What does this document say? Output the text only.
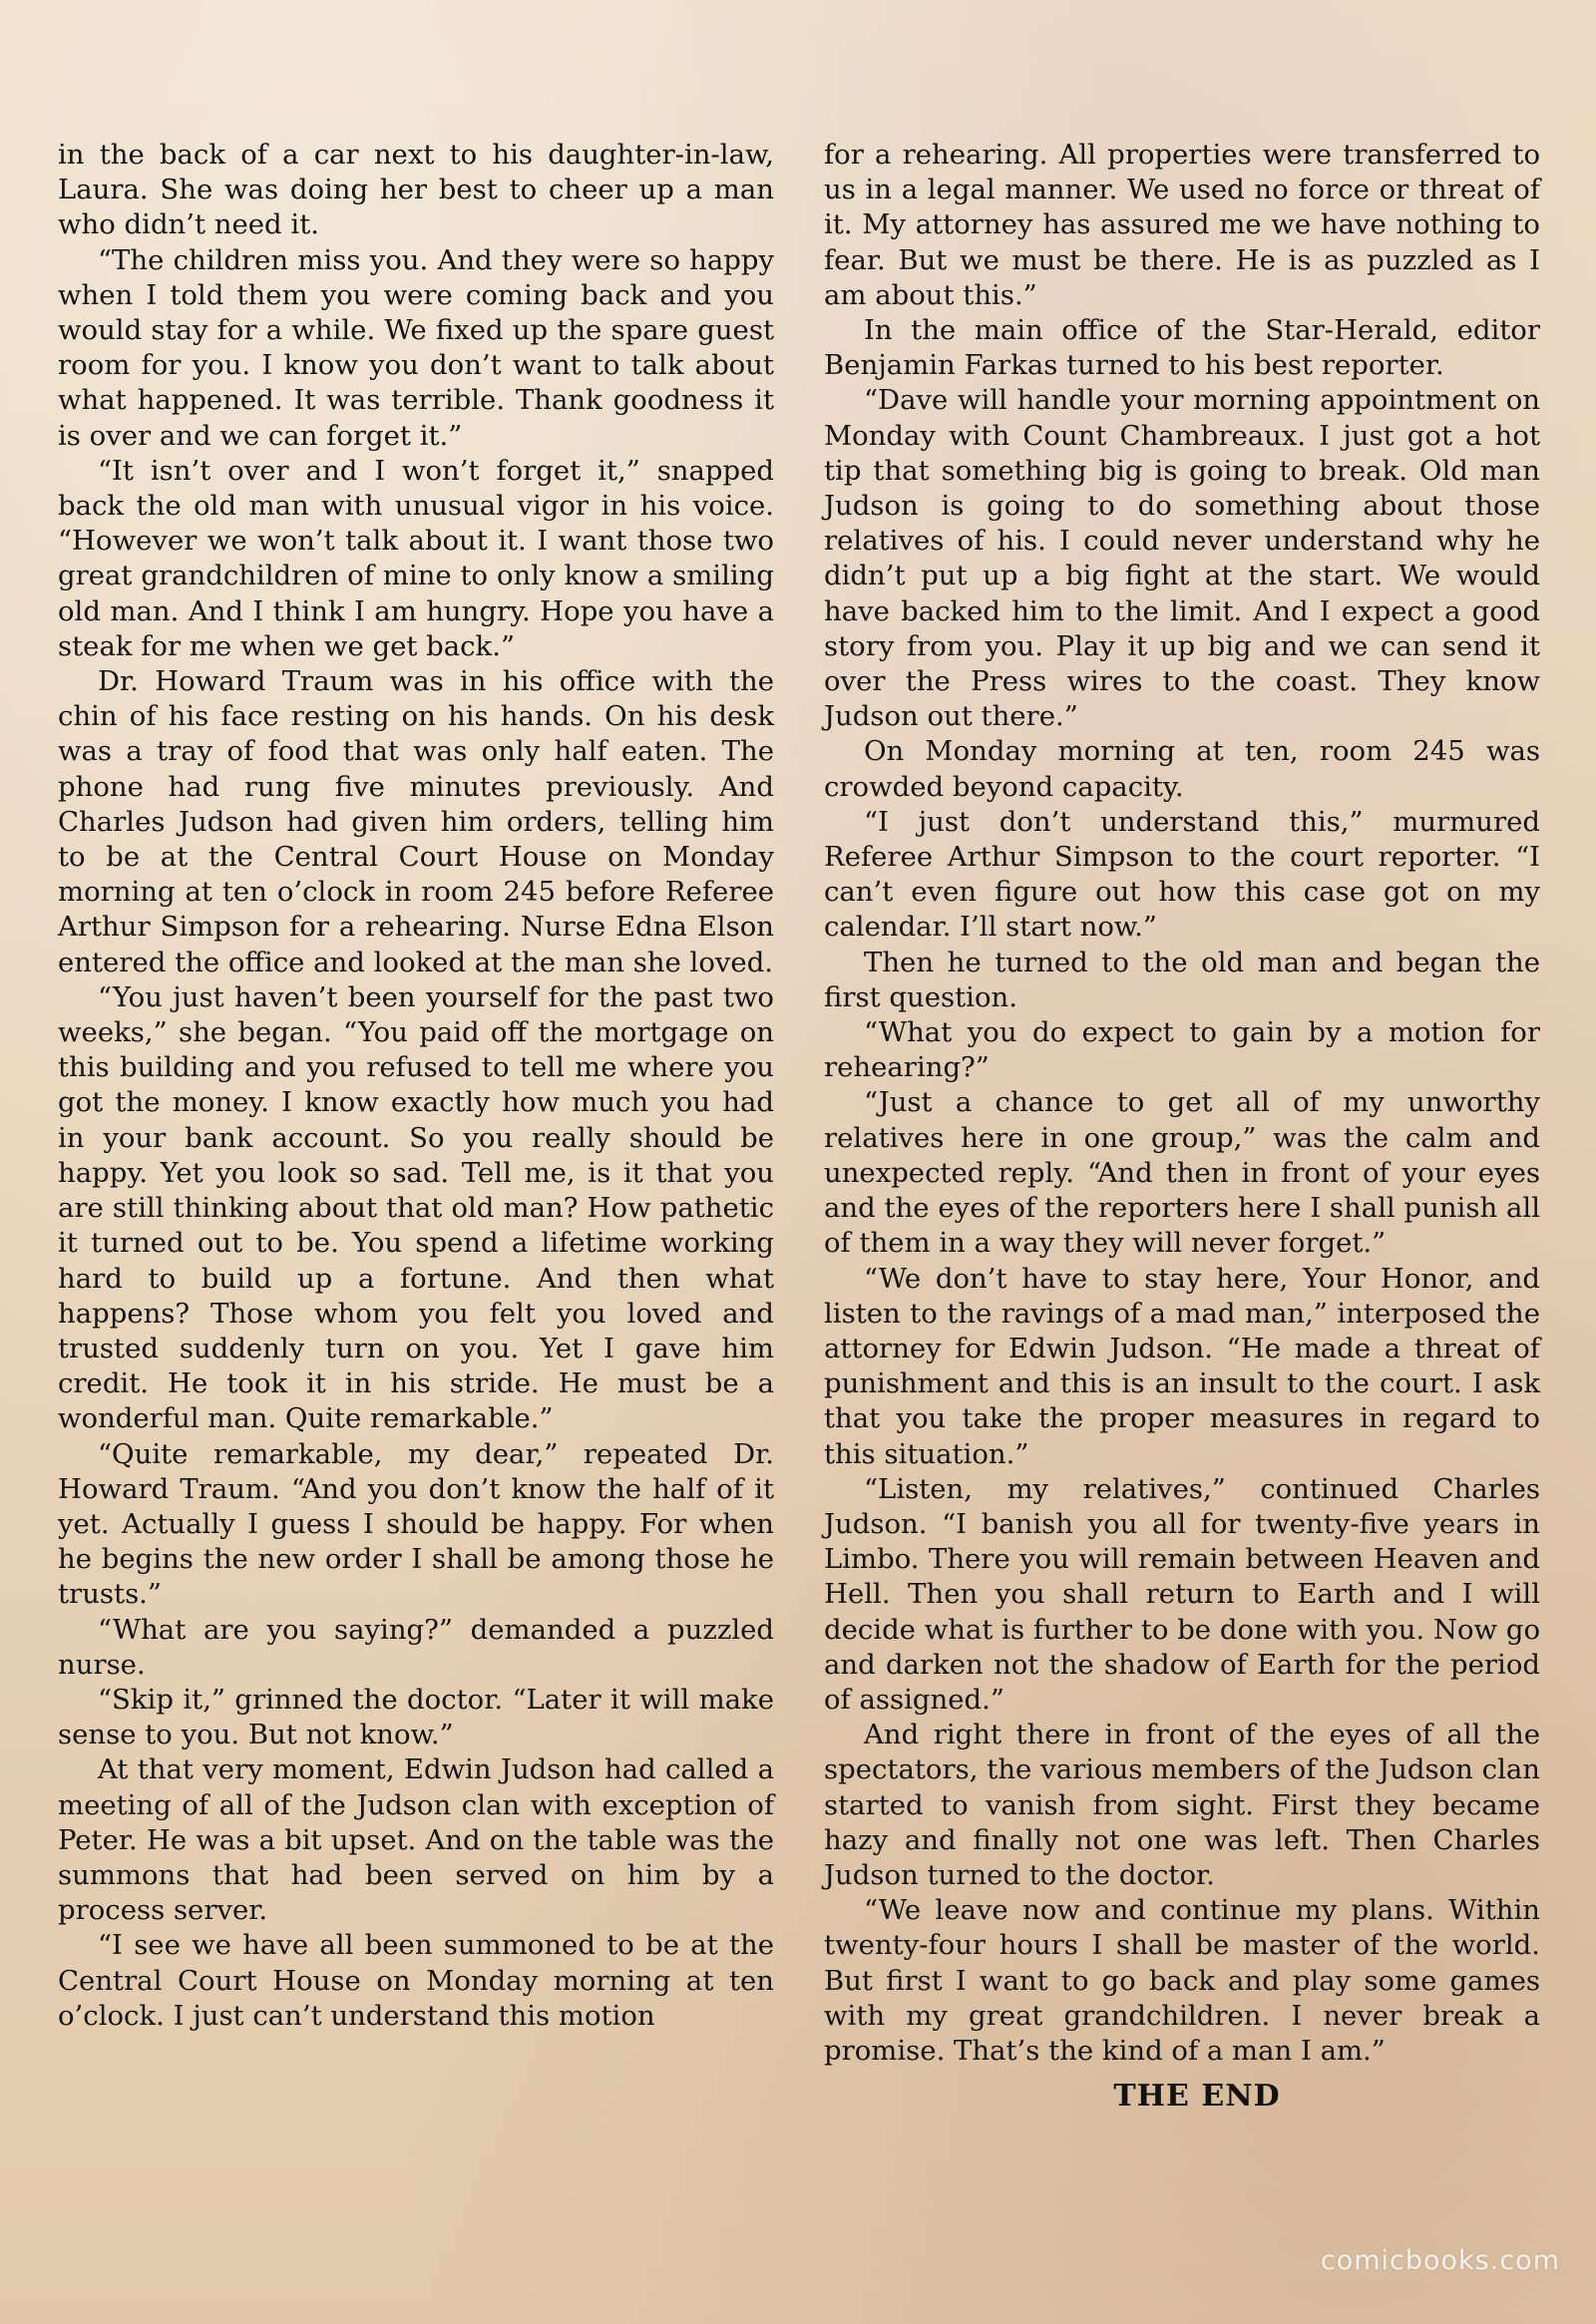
in the back of a car next to his daughter-in-law, Laura. She was doing her best to cheer up a man who didn’t need it.

“The children miss you. And they were so happy when I told them you were coming back and you would stay for a while. We fixed up the spare guest room for you. I know you don’t want to talk about what happened. It was terrible. Thank goodness it is over and we can forget it.”

“It isn’t over and I won’t forget it,” snapped back the old man with unusual vigor in his voice. “However we won’t talk about it. I want those two great grandchildren of mine to only know a smiling old man. And I think I am hungry. Hope you have a steak for me when we get back.”

Dr. Howard Traum was in his office with the chin of his face resting on his hands. On his desk was a tray of food that was only half eaten. The phone had rung five minutes previously. And Charles Judson had given him orders, telling him to be at the Central Court House on Monday morning at ten o’clock in room 245 before Referee Arthur Simpson for a rehearing. Nurse Edna Elson entered the office and looked at the man she loved.

“You just haven’t been yourself for the past two weeks,” she began. “You paid off the mortgage on this building and you refused to tell me where you got the money. I know exactly how much you had in your bank account. So you really should be happy. Yet you look so sad. Tell me, is it that you are still thinking about that old man? How pathetic it turned out to be. You spend a lifetime working hard to build up a fortune. And then what happens? Those whom you felt you loved and trusted suddenly turn on you. Yet I gave him credit. He took it in his stride. He must be a wonderful man. Quite remarkable.”

“Quite remarkable, my dear,” repeated Dr. Howard Traum. “And you don’t know the half of it yet. Actually I guess I should be happy. For when he begins the new order I shall be among those he trusts.”

“What are you saying?” demanded a puzzled nurse.

“Skip it,” grinned the doctor. “Later it will make sense to you. But not know.”

At that very moment, Edwin Judson had called a meeting of all of the Judson clan with exception of Peter. He was a bit upset. And on the table was the summons that had been served on him by a process server.

“I see we have all been summoned to be at the Central Court House on Monday morning at ten o’clock. I just can’t understand this motion

for a rehearing. All properties were transferred to us in a legal manner. We used no force or threat of it. My attorney has assured me we have nothing to fear. But we must be there. He is as puzzled as I am about this.”

In the main office of the Star-Herald, editor Benjamin Farkas turned to his best reporter.

“Dave will handle your morning appointment on Monday with Count Chambreaux. I just got a hot tip that something big is going to break. Old man Judson is going to do something about those relatives of his. I could never understand why he didn’t put up a big fight at the start. We would have backed him to the limit. And I expect a good story from you. Play it up big and we can send it over the Press wires to the coast. They know Judson out there.”

On Monday morning at ten, room 245 was crowded beyond capacity.

“I just don’t understand this,” murmured Referee Arthur Simpson to the court reporter. “I can’t even figure out how this case got on my calendar. I’ll start now.”

Then he turned to the old man and began the first question.

“What you do expect to gain by a motion for rehearing?”

“Just a chance to get all of my unworthy relatives here in one group,” was the calm and unexpected reply. “And then in front of your eyes and the eyes of the reporters here I shall punish all of them in a way they will never forget.”

“We don’t have to stay here, Your Honor, and listen to the ravings of a mad man,” interposed the attorney for Edwin Judson. “He made a threat of punishment and this is an insult to the court. I ask that you take the proper measures in regard to this situation.”

“Listen, my relatives,” continued Charles Judson. “I banish you all for twenty-five years in Limbo. There you will remain between Heaven and Hell. Then you shall return to Earth and I will decide what is further to be done with you. Now go and darken not the shadow of Earth for the period of assigned.”

And right there in front of the eyes of all the spectators, the various members of the Judson clan started to vanish from sight. First they became hazy and finally not one was left. Then Charles Judson turned to the doctor.

“We leave now and continue my plans. Within twenty-four hours I shall be master of the world. But first I want to go back and play some games with my great grandchildren. I never break a promise. That’s the kind of a man I am.”

THE END
comicbooks.com
